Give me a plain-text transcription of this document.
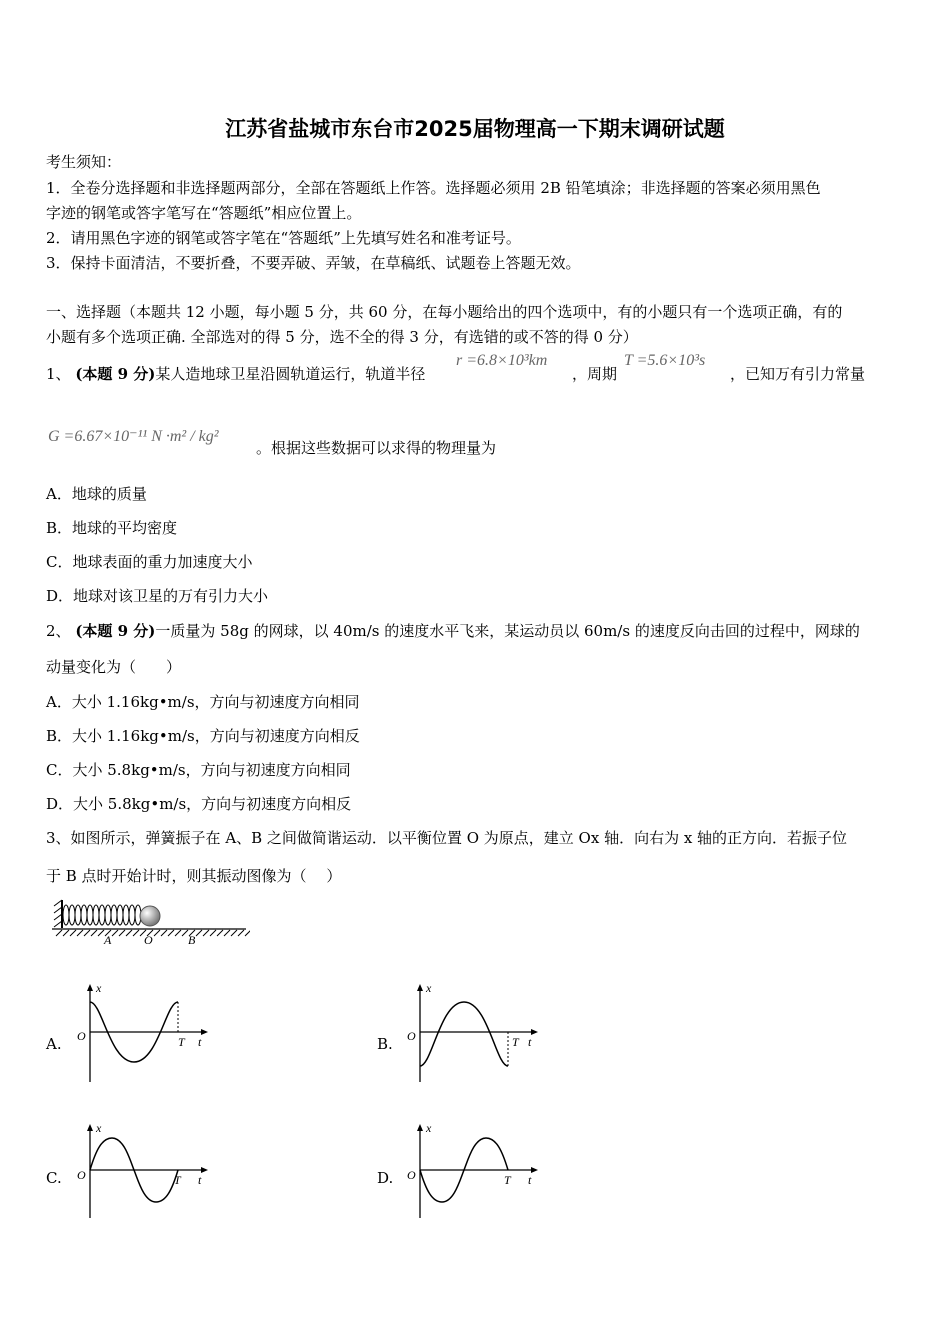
江苏省盐城市东台市2025届物理高一下期末调研试题
考生须知：
1．全卷分选择题和非选择题两部分，全部在答题纸上作答。选择题必须用 2B 铅笔填涂；非选择题的答案必须用黑色
字迹的钢笔或答字笔写在“答题纸”相应位置上。
2．请用黑色字迹的钢笔或答字笔在“答题纸”上先填写姓名和准考证号。
3．保持卡面清洁，不要折叠，不要弄破、弄皱，在草稿纸、试题卷上答题无效。
一、选择题（本题共 12 小题，每小题 5 分，共 60 分，在每小题给出的四个选项中，有的小题只有一个选项正确，有的
小题有多个选项正确. 全部选对的得 5 分，选不全的得 3 分，有选错的或不答的得 0 分）
1、 (本题 9 分)某人造地球卫星沿圆轨道运行，轨道半径
r =6.8×10³km
，周期
T =5.6×10³s
，已知万有引力常量
G =6.67×10⁻¹¹ N ·m² / kg²
。根据这些数据可以求得的物理量为
A．地球的质量
B．地球的平均密度
C．地球表面的重力加速度大小
D．地球对该卫星的万有引力大小
2、 (本题 9 分)一质量为 58g 的网球，以 40m/s 的速度水平飞来，某运动员以 60m/s 的速度反向击回的过程中，网球的
动量变化为（　　）
A．大小 1.16kg•m/s，方向与初速度方向相同
B．大小 1.16kg•m/s，方向与初速度方向相反
C．大小 5.8kg•m/s，方向与初速度方向相同
D．大小 5.8kg•m/s，方向与初速度方向相反
3、如图所示，弹簧振子在 A、B 之间做简谐运动．以平衡位置 O 为原点，建立 Ox 轴．向右为 x 轴的正方向．若振子位
于 B 点时开始计时，则其振动图像为（　 ）
A	O	B
A.
x
O	T t	B.
x
O	T t
C.
x
O	T t	D.
x
O	T t
